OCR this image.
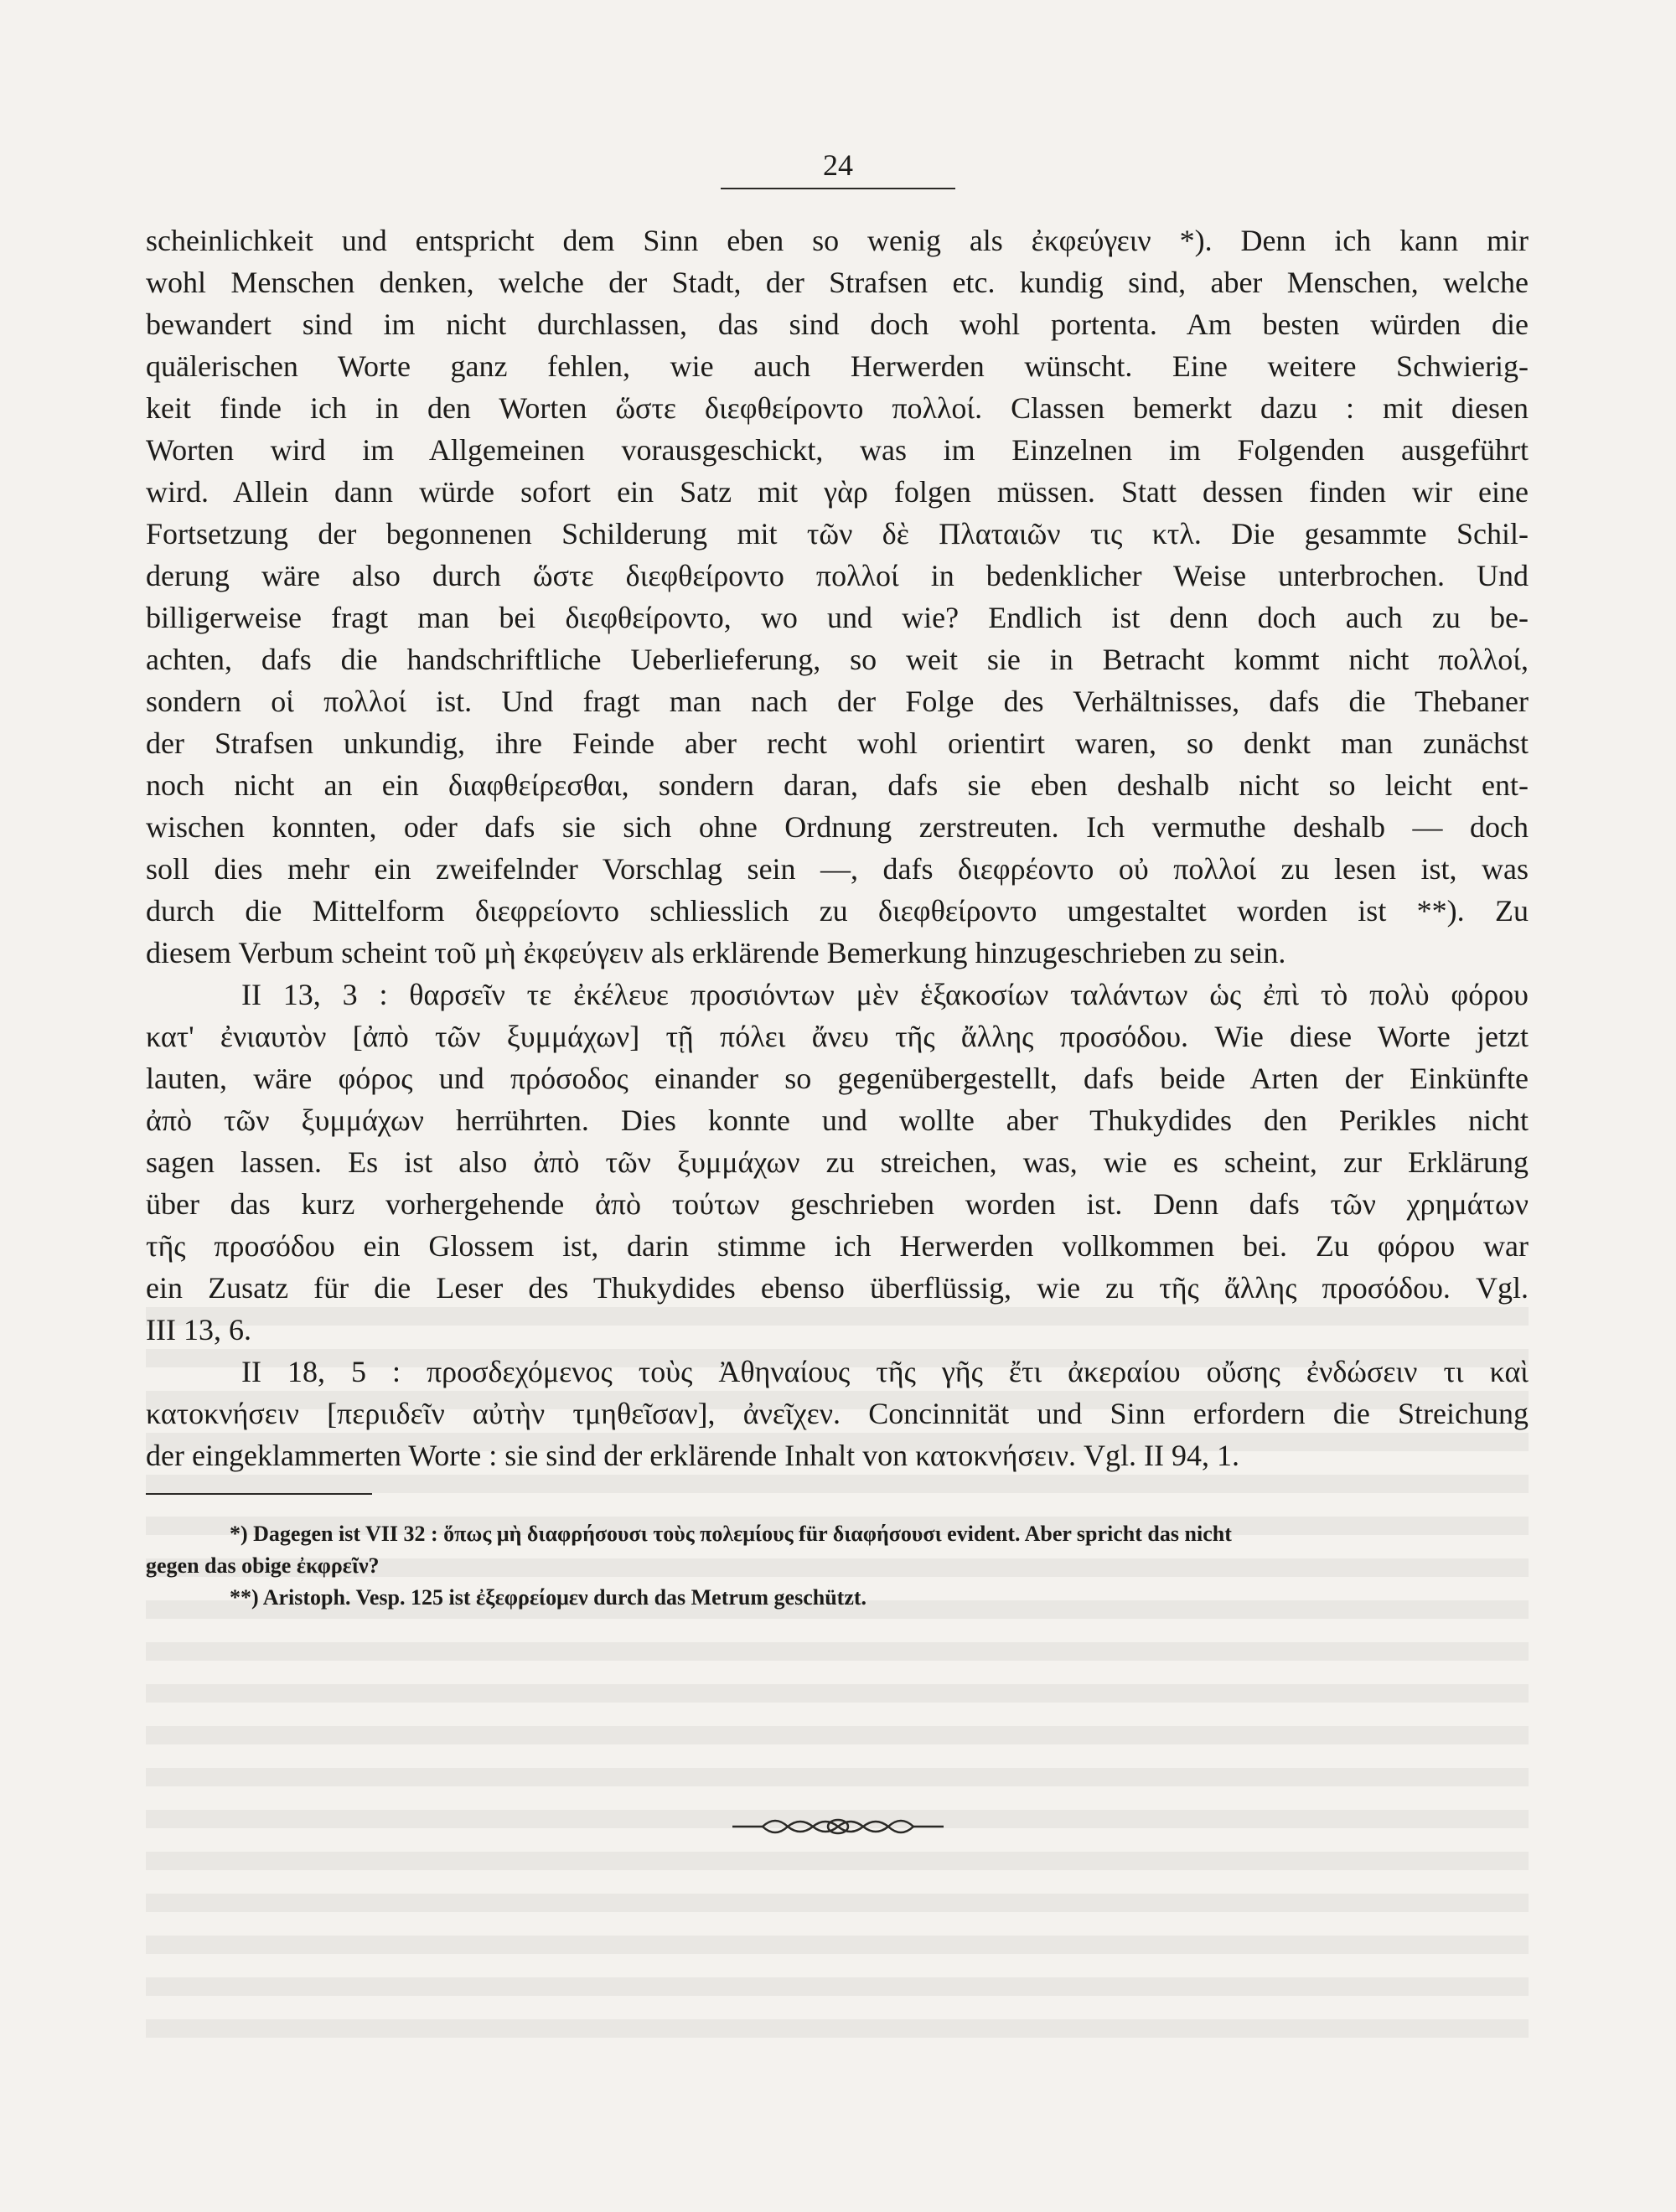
24
scheinlichkeit und entspricht dem Sinn eben so wenig als ἐκφεύγειν *). Denn ich kann mir
wohl Menschen denken, welche der Stadt, der Strafsen etc. kundig sind, aber Menschen, welche
bewandert sind im nicht durchlassen, das sind doch wohl portenta. Am besten würden die
quälerischen Worte ganz fehlen, wie auch Herwerden wünscht. Eine weitere Schwierig-
keit finde ich in den Worten ὥστε διεφθείροντο πολλοί. Classen bemerkt dazu : mit diesen
Worten wird im Allgemeinen vorausgeschickt, was im Einzelnen im Folgenden ausgeführt
wird. Allein dann würde sofort ein Satz mit γὰρ folgen müssen. Statt dessen finden wir eine
Fortsetzung der begonnenen Schilderung mit τῶν δὲ Πλαταιῶν τις κτλ. Die gesammte Schil-
derung wäre also durch ὥστε διεφθείροντο πολλοί in bedenklicher Weise unterbrochen. Und
billigerweise fragt man bei διεφθείροντο, wo und wie? Endlich ist denn doch auch zu be-
achten, dafs die handschriftliche Ueberlieferung, so weit sie in Betracht kommt nicht πολλοί,
sondern οἱ πολλοί ist. Und fragt man nach der Folge des Verhältnisses, dafs die Thebaner
der Strafsen unkundig, ihre Feinde aber recht wohl orientirt waren, so denkt man zunächst
noch nicht an ein διαφθείρεσθαι, sondern daran, dafs sie eben deshalb nicht so leicht ent-
wischen konnten, oder dafs sie sich ohne Ordnung zerstreuten. Ich vermuthe deshalb — doch
soll dies mehr ein zweifelnder Vorschlag sein —, dafs διεφρέοντο οὐ πολλοί zu lesen ist, was
durch die Mittelform διεφρείοντο schliesslich zu διεφθείροντο umgestaltet worden ist **). Zu
diesem Verbum scheint τοῦ μὴ ἐκφεύγειν als erklärende Bemerkung hinzugeschrieben zu sein.
II 13, 3 : θαρσεῖν τε ἐκέλευε προσιόντων μὲν ἑξακοσίων ταλάντων ὡς ἐπὶ τὸ πολὺ φόρου
κατ' ἐνιαυτὸν [ἀπὸ τῶν ξυμμάχων] τῇ πόλει ἄνευ τῆς ἄλλης προσόδου. Wie diese Worte jetzt
lauten, wäre φόρος und πρόσοδος einander so gegenübergestellt, dafs beide Arten der Einkünfte
ἀπὸ τῶν ξυμμάχων herrührten. Dies konnte und wollte aber Thukydides den Perikles nicht
sagen lassen. Es ist also ἀπὸ τῶν ξυμμάχων zu streichen, was, wie es scheint, zur Erklärung
über das kurz vorhergehende ἀπὸ τούτων geschrieben worden ist. Denn dafs τῶν χρημάτων
τῆς προσόδου ein Glossem ist, darin stimme ich Herwerden vollkommen bei. Zu φόρου war
ein Zusatz für die Leser des Thukydides ebenso überflüssig, wie zu τῆς ἄλλης προσόδου. Vgl.
III 13, 6.
II 18, 5 : προσδεχόμενος τοὺς Ἀθηναίους τῆς γῆς ἔτι ἀκεραίου οὔσης ἐνδώσειν τι καὶ
κατοκνήσειν [περιιδεῖν αὐτὴν τμηθεῖσαν], ἀνεῖχεν. Concinnität und Sinn erfordern die Streichung
der eingeklammerten Worte : sie sind der erklärende Inhalt von κατοκνήσειν. Vgl. II 94, 1.
*) Dagegen ist VII 32 : ὅπως μὴ διαφρήσουσι τοὺς πολεμίους für διαφήσουσι evident. Aber spricht das nicht
gegen das obige ἐκφρεῖν?
**) Aristoph. Vesp. 125 ist ἐξεφρείομεν durch das Metrum geschützt.
